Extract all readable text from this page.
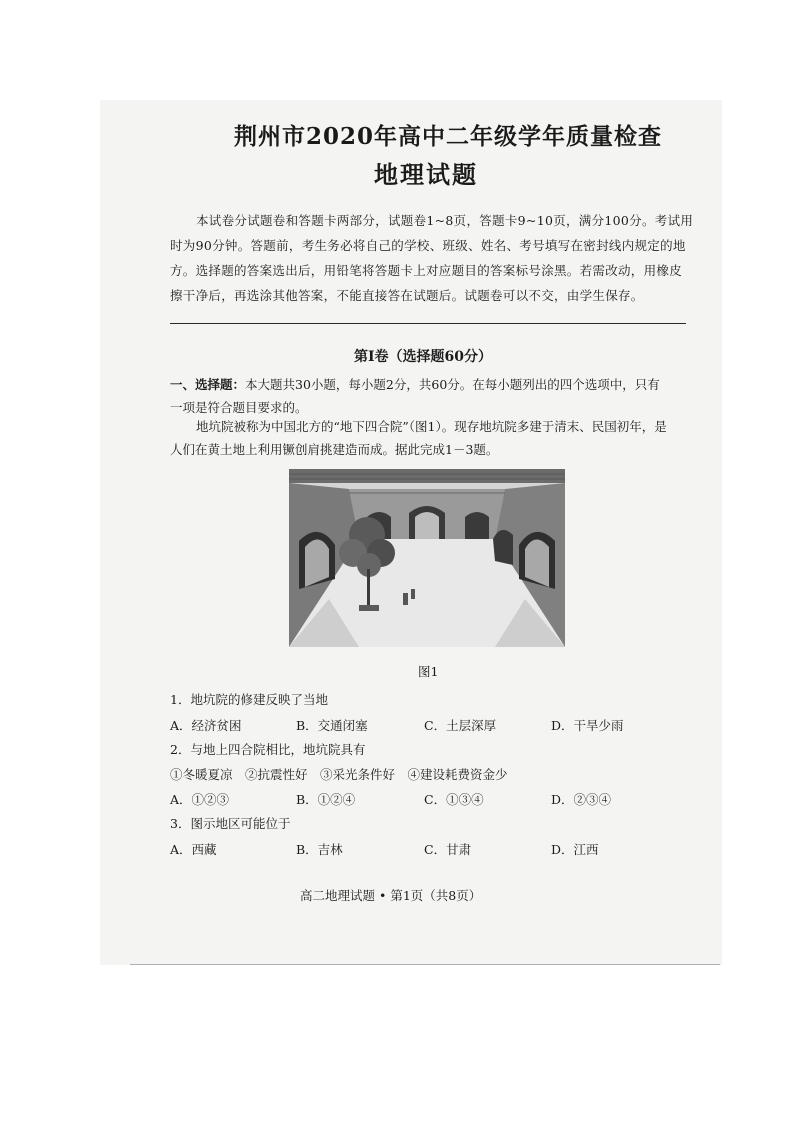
荆州市2020年高中二年级学年质量检查
地理试题
本试卷分试题卷和答题卡两部分，试题卷1~8页，答题卡9~10页，满分100分。考试用
时为90分钟。答题前，考生务必将自己的学校、班级、姓名、考号填写在密封线内规定的地
方。选择题的答案选出后，用铅笔将答题卡上对应题目的答案标号涂黑。若需改动，用橡皮
擦干净后，再选涂其他答案，不能直接答在试题后。试题卷可以不交，由学生保存。
第Ⅰ卷（选择题60分）
一、选择题：本大题共30小题，每小题2分，共60分。在每小题列出的四个选项中，只有
一项是符合题目要求的。
地坑院被称为中国北方的“地下四合院”（图1）。现存地坑院多建于清末、民国初年，是
人们在黄土地上利用镢创肩挑建造而成。据此完成1－3题。
图1
1．地坑院的修建反映了当地
A．经济贫困	B．交通闭塞	C．土层深厚	D．干旱少雨
2．与地上四合院相比，地坑院具有
①冬暖夏凉　②抗震性好　③采光条件好　④建设耗费资金少
A．①②③	B．①②④	C．①③④	D．②③④
3．图示地区可能位于
A．西藏	B．吉林	C．甘肃	D．江西
高二地理试题 • 第1页（共8页）
